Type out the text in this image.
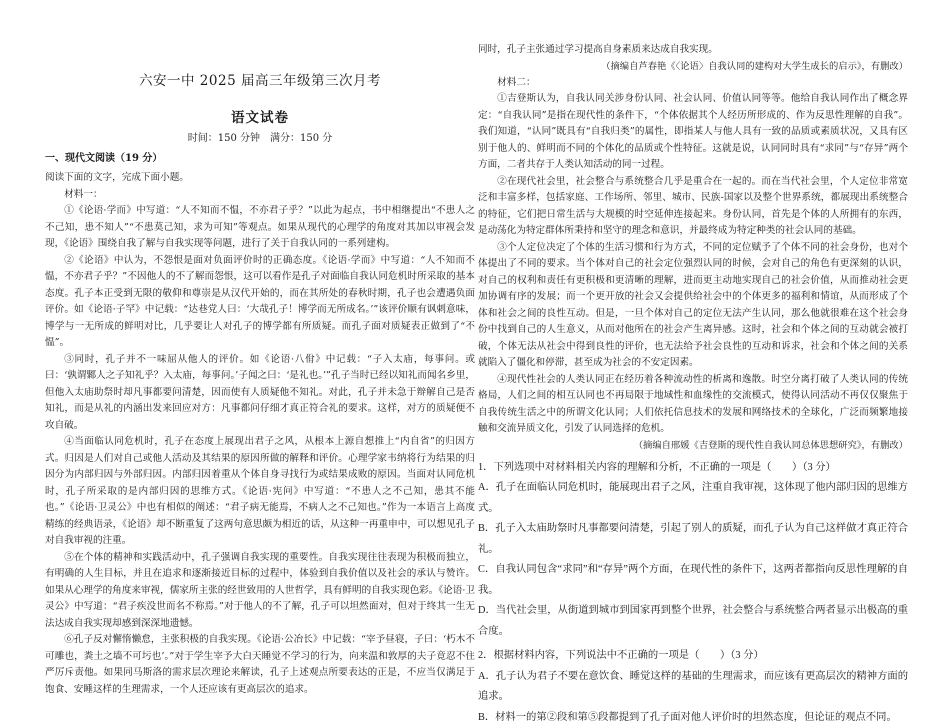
六安一中 2025 届高三年级第三次月考

语文试卷

时间：150 分钟　满分：150 分

一、现代文阅读（19 分）

阅读下面的文字，完成下面小题。

材料一：

①《论语·学而》中写道：“人不知而不愠，不亦君子乎？”以此为起点，书中相继提出“不患人之不己知，患不知人”“不患莫己知，求为可知”等观点。如果从现代的心理学的角度对其加以审视会发现，《论语》围绕自我了解与自我实现等问题，进行了关于自我认同的一系列建构。

②《论语》中认为，不怨恨是面对负面评价时的正确态度。《论语·学而》中写道：“人不知而不愠，不亦君子乎？”不因他人的不了解而怨恨，这可以看作是孔子对面临自我认同危机时所采取的基本态度。孔子本正受到无限的敬仰和尊崇是从汉代开始的，而在其所处的春秋时期，孔子也会遭遇负面评价。如《论语·子罕》中记载：“达巷党人曰：‘大哉孔子！博学而无所成名。’”该评价顺有讽刺意味，博学与一无所成的鲜明对比，几乎要让人对孔子的博学都有所质疑。而孔子面对质疑表正做到了“不愠”。

③同时，孔子并不一味屈从他人的评价。如《论语·八佾》中记载：“子入太庙，每事问。或曰：‘孰谓鄹人之子知礼乎？入太庙，每事问。’子闻之曰：‘是礼也。’”孔子当时已经以知礼而闻名乡里，但他入太庙助祭时却凡事都要问清楚，因而使有人质疑他不知礼。对此，孔子并未急于辩解自己是否知礼，而是从礼的内涵出发来回应对方：凡事都问仔细才真正符合礼的要求。这样，对方的质疑便不攻自破。

④当面临认同危机时，孔子在态度上展现出君子之风，从根本上源自想推上“内自省”的归因方式。归因是人们对自己或他人活动及其结果的原因所做的解释和评价。心理学家韦纳将行为结果的归因分为内部归因与外部归因。内部归因着重从个体自身寻找行为或结果成败的原因。当面对认同危机时，孔子所采取的是内部归因的思维方式。《论语·宪问》中写道：“不患人之不己知，患其不能也。”《论语·卫灵公》中也有相似的阐述：“君子病无能焉，不病人之不己知也。”作为一本语言上高度精练的经典语录，《论语》却不断重复了这两句意思颇为相近的话，从这种一再重申中，可以想见孔子对自我审视的注重。

⑤在个体的精神和实践活动中，孔子强调自我实现的重要性。自我实现往往表现为积极而独立，有明确的人生目标，并且在追求和逐渐接近目标的过程中，体验到自我价值以及社会的承认与赞许。如果从心理学的角度来审视，儒家所主张的经世致用的人世哲学，具有鲜明的自我实现色彩。《论语·卫灵公》中写道：“君子疾没世而名不称焉。”对于他人的不了解，孔子可以坦然面对，但对于终其一生无法达成自我实现却感到深深地遗憾。

⑥孔子反对懈惰懒怠，主张积极的自我实现。《论语·公冶长》中记载：“宰予昼寝，子曰：‘朽木不可雕也，粪土之墙不可圬也’。”对于学生宰予大白天睡觉不学习的行为，向来温和敦厚的夫子竟忍不住严厉斥责他。如果同马斯洛的需求层次理论来解读，孔子上述观点所要表达的正是，不应当仅满足于饱食、安睡这样的生理需求，一个人还应该有更高层次的追求。

同时，孔子主张通过学习提高自身素质来达成自我实现。

（摘编自芦春艳《〈论语〉自我认同的建构对大学生成长的启示》，有删改）

材料二：

①吉登斯认为，自我认同关涉身份认同、社会认同、价值认同等等。他给自我认同作出了概念界定：“自我认同”是指在现代性的条件下，“个体依据其个人经历所形成的、作为反思性理解的自我”。我们知道，“认同”既具有“自我归类”的属性，即指某人与他人具有一致的品质或素质状况，又具有区别于他人的、鲜明而不同的个体化的品质或个性特征。这就是说，认同同时具有“求同”与“存异”两个方面，二者共存于人类认知活动的同一过程。

②在现代社会里，社会整合与系统整合几乎是重合在一起的。而在当代社会里，个人定位非常宽泛和丰富多样，包括家庭、工作场所、邻里、城市、民族-国家以及整个世界系统，都展现出系统整合的特征，它们把日常生活与大规模的时空延伸连接起来。身份认同，首先是个体的人所拥有的东西，是动荡化为特定群体所秉持和坚守的理念和意识，并最终成为特定种类的社会认同的基础。

③个人定位决定了个体的生活习惯和行为方式，不同的定位赋予了个体不同的社会身份，也对个体提出了不同的要求。当个体对自己的社会定位强烈认同的时候，会对自己的角色有更深刻的认识，对自己的权利和责任有更积极和更清晰的理解，进而更主动地实现自己的社会价值，从而推动社会更加协调有序的发展；而一个更开放的社会又会提供给社会中的个体更多的福利和情谊，从而形成了个体和社会之间的良性互动。但是，一旦个体对自己的定位无法产生认同，那么他就很难在这个社会身份中找到自己的人生意义，从而对他所在的社会产生离异感。这时，社会和个体之间的互动就会被打破，个体无法从社会中得到良性的评价，也无法给予社会良性的互动和诉求，社会和个体之间的关系就陷入了僵化和停滞，甚至成为社会的不安定因素。

④现代性社会的人类认同正在经历着各种流动性的析离和逸散。时空分离打破了人类认同的传统格局，人们之间的相互认同也不再局限于地域性和血缘性的交流模式，使得认同活动不再仅仅聚焦于自我传统生活之中的所谓文化认同；人们依托信息技术的发展和网络技术的全球化，广泛而频繁地接触和交流异质文化，引发了认同选择的危机。

（摘编自邢媛《吉登斯的现代性自我认同总体思想研究》，有删改）

1．下列选项中对材料相关内容的理解和分析，不正确的一项是（　　）（3 分）

A．孔子在面临认同危机时，能展现出君子之风，注重自我审视，这体现了他内部归因的思维方式。

B．孔子入太庙助祭时凡事都要问清楚，引起了别人的质疑，而孔子认为自己这样做才真正符合礼。

C．自我认同包含“求同”和“存异”两个方面，在现代性的条件下，这两者都指向反思性理解的自我。

D．当代社会里，从街道到城市到国家再到整个世界，社会整合与系统整合两者显示出极高的重合度。

2．根据材料内容，下列说法中不正确的一项是（　　）（3 分）

A．孔子认为君子不要在意饮食、睡觉这样的基础的生理需求，而应该有更高层次的精神方面的追求。

B．材料一的第②段和第⑤段都提到了孔子面对他人评价时的坦然态度，但论证的观点不同。
